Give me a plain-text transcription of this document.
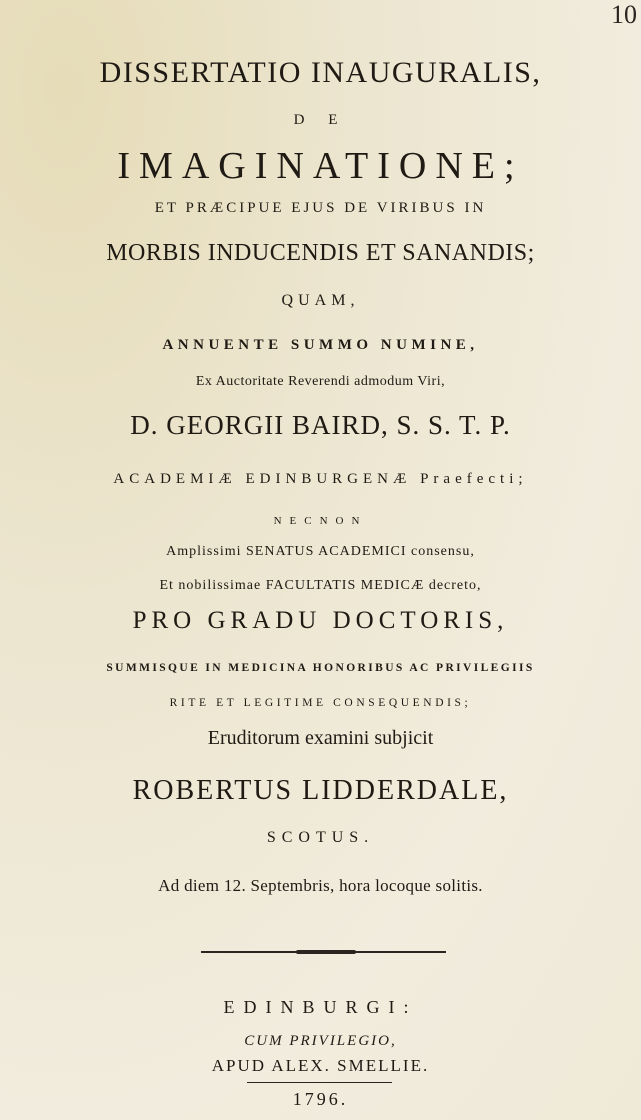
10
DISSERTATIO INAUGURALIS,
D E
IMAGINATIONE;
ET PRÆCIPUE EJUS DE VIRIBUS IN
MORBIS INDUCENDIS ET SANANDIS;
QUAM,
ANNUENTE SUMMO NUMINE,
Ex Auctoritate Reverendi admodum Viri,
D. GEORGII BAIRD, S. S. T. P.
ACADEMIÆ EDINBURGENÆ Praefecti;
NECNON
Amplissimi SENATUS ACADEMICI consensu,
Et nobilissimae FACULTATIS MEDICÆ decreto,
PRO GRADU DOCTORIS,
SUMMISQUE IN MEDICINA HONORIBUS AC PRIVILEGIIS
RITE ET LEGITIME CONSEQUENDIS;
Eruditorum examini subjicit
ROBERTUS LIDDERDALE,
SCOTUS.
Ad diem 12. Septembris, hora locoque solitis.
EDINBURGI:
CUM PRIVILEGIO,
APUD ALEX. SMELLIE.
1796.
